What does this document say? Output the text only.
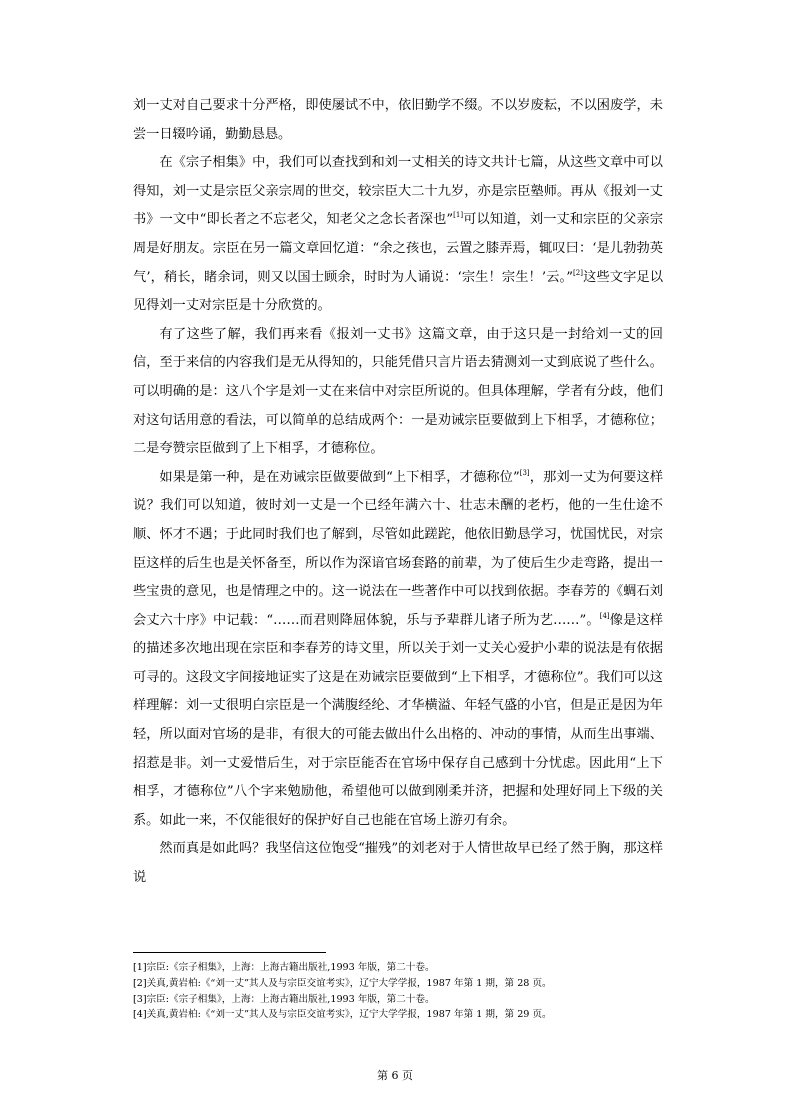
刘一丈对自己要求十分严格，即使屡试不中，依旧勤学不缀。不以岁废耘，不以困废学，未尝一日辍吟诵，勤勤恳恳。

在《宗子相集》中，我们可以查找到和刘一丈相关的诗文共计七篇，从这些文章中可以得知，刘一丈是宗臣父亲宗周的世交，较宗臣大二十九岁，亦是宗臣塾师。再从《报刘一丈书》一文中“即长者之不忘老父，知老父之念长者深也”[1]可以知道，刘一丈和宗臣的父亲宗周是好朋友。宗臣在另一篇文章回忆道：“余之孩也，云置之膝弄焉，辄叹曰：‘是儿勃勃英气’，稍长，睹余词，则又以国士顾余，时时为人诵说：‘宗生！宗生！’云。”[2]这些文字足以见得刘一丈对宗臣是十分欣赏的。

有了这些了解，我们再来看《报刘一丈书》这篇文章，由于这只是一封给刘一丈的回信，至于来信的内容我们是无从得知的，只能凭借只言片语去猜测刘一丈到底说了些什么。可以明确的是：这八个字是刘一丈在来信中对宗臣所说的。但具体理解，学者有分歧，他们对这句话用意的看法，可以简单的总结成两个：一是劝诫宗臣要做到上下相孚，才德称位；二是夸赞宗臣做到了上下相孚，才德称位。

如果是第一种，是在劝诫宗臣做要做到“上下相孚，才德称位”[3]，那刘一丈为何要这样说？我们可以知道，彼时刘一丈是一个已经年满六十、壮志未酬的老朽，他的一生仕途不顺、怀才不遇；于此同时我们也了解到，尽管如此蹉跎，他依旧勤恳学习，忧国忧民，对宗臣这样的后生也是关怀备至，所以作为深谙官场套路的前辈，为了使后生少走弯路，提出一些宝贵的意见，也是情理之中的。这一说法在一些著作中可以找到依据。李春芳的《蜩石刘会丈六十序》中记载：“……而君则降屈体貌，乐与予辈群儿诸子所为艺……”。[4]像是这样的描述多次地出现在宗臣和李春芳的诗文里，所以关于刘一丈关心爱护小辈的说法是有依据可寻的。这段文字间接地证实了这是在劝诫宗臣要做到“上下相孚，才德称位”。我们可以这样理解：刘一丈很明白宗臣是一个满腹经纶、才华横溢、年轻气盛的小官，但是正是因为年轻，所以面对官场的是非，有很大的可能去做出什么出格的、冲动的事情，从而生出事端、招惹是非。刘一丈爱惜后生，对于宗臣能否在官场中保存自己感到十分忧虑。因此用“上下相孚，才德称位”八个字来勉励他，希望他可以做到刚柔并济，把握和处理好同上下级的关系。如此一来，不仅能很好的保护好自己也能在官场上游刃有余。

然而真是如此吗？我坚信这位饱受“摧残”的刘老对于人情世故早已经了然于胸，那这样说

[1]宗臣:《宗子相集》，上海：上海古籍出版社,1993 年版，第二十卷。
[2]关真,黄岩柏:《“刘一丈”其人及与宗臣交谊考实》，辽宁大学学报，1987 年第 1 期，第 28 页。
[3]宗臣:《宗子相集》，上海：上海古籍出版社,1993 年版，第二十卷。
[4]关真,黄岩柏:《“刘一丈”其人及与宗臣交谊考实》，辽宁大学学报，1987 年第 1 期，第 29 页。
第 6 页
